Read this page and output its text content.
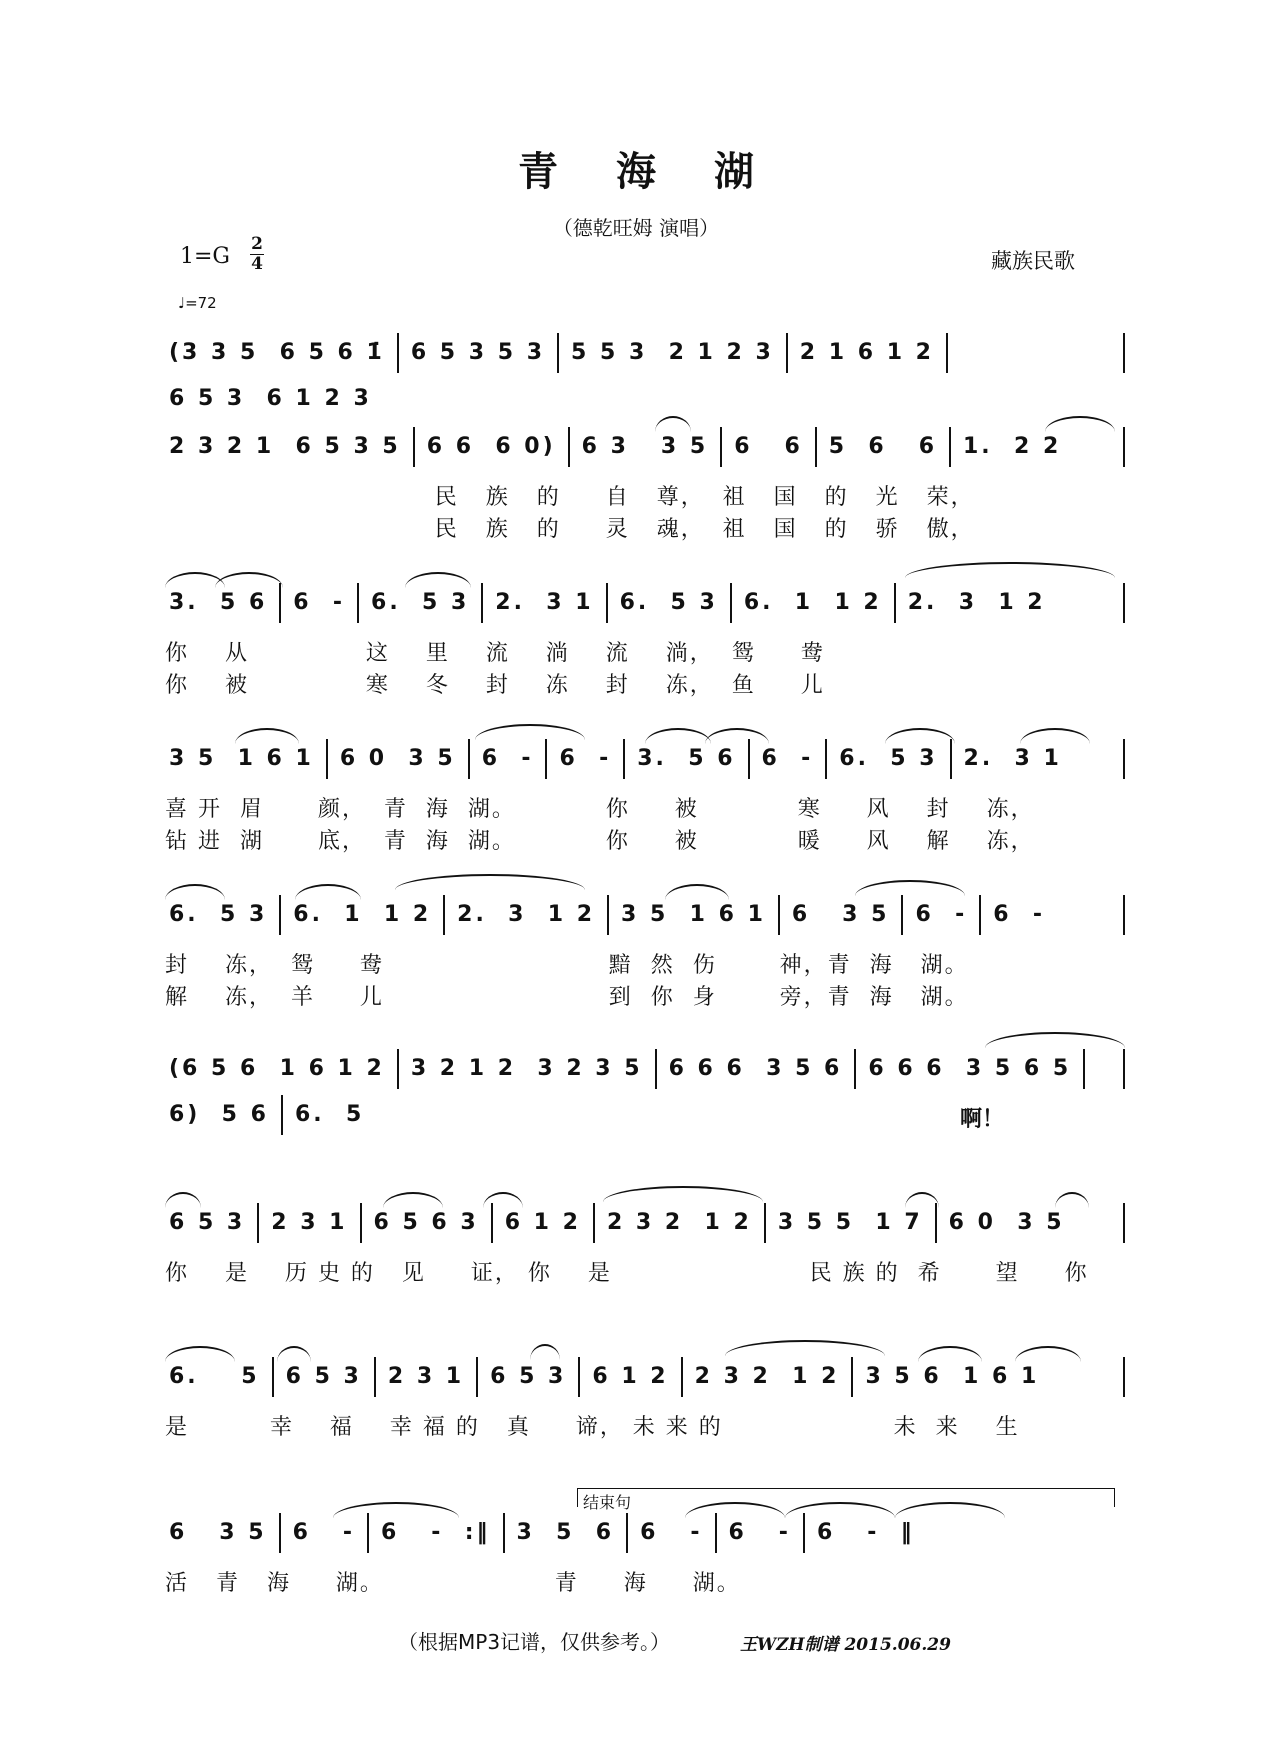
青海湖
（德乾旺姆 演唱）
1=G 2
4	藏族民歌
♩=72
(3 3 5  6 5 6 1̇ 6 5 3 5 3 5 5 3  2 1 2 3 2 1 6 1 26 5 3  6 1 2 3
2 3 2 1  6 5 3 5 6 6  6 0) 6 3   3 5 6   6 5  6   6 1.  2 2
民   族   的     自   尊，  祖   国   的   光   荣，
民   族   的     灵   魂，  祖   国   的   骄   傲，
3.  5 6 6  - 6.  5 3 2.  3 1 6.  5 3 6.  1  1 2 2.  3  1 2
你    从             这    里    流    淌    流    淌，  鸳     鸯
你    被             寒    冬    封    冻    封    冻，  鱼     儿
3 5  1 6 1 6 0  3 5 6  - 6  - 3.  5 6 6  - 6.  5 3 2.  3 1
喜 开  眉      颜，  青  海  湖。          你     被           寒     风    封    冻，
钻 进  湖      底，  青  海  湖。          你     被           暖     风    解    冻，
6.  5 3 6.  1  1 2 2.  3  1 2 3 5  1 6 1 6   3 5 6  - 6  -
封    冻，  鸳     鸯                         黯  然  伤       神，青  海   湖。
解    冻，  羊     儿                         到  你  身       旁，青  海   湖。
(6 5 6  1 6 1 2 3 2 1 2  3 2 3 5 6 6 6  3 5 6 6 6 6  3 5 6 56)  5 6 6.  5	啊！
6 5 3 2 3 1 6 5 6 3 6 1 2 2 3 2  1 2 3 5 5  1 7 6 0  3 5
你    是    历 史 的   见     证， 你    是                      民 族 的  希      望     你
6.    5 6 5 3 2 3 1 6 5 3 6 1 2 2 3 2  1 2 3 5 6  1 6 1
是         幸    福    幸 福 的   真     谛， 未 来 的                   未  来    生
结束句
6   3 5 6   - 6   -  :‖ 3  5  6 6   - 6   - 6   -  ‖
活   青   海     湖。                   青     海     湖。
（根据MP3记谱，仅供参考。）	王WZH制谱 2015.06.29
